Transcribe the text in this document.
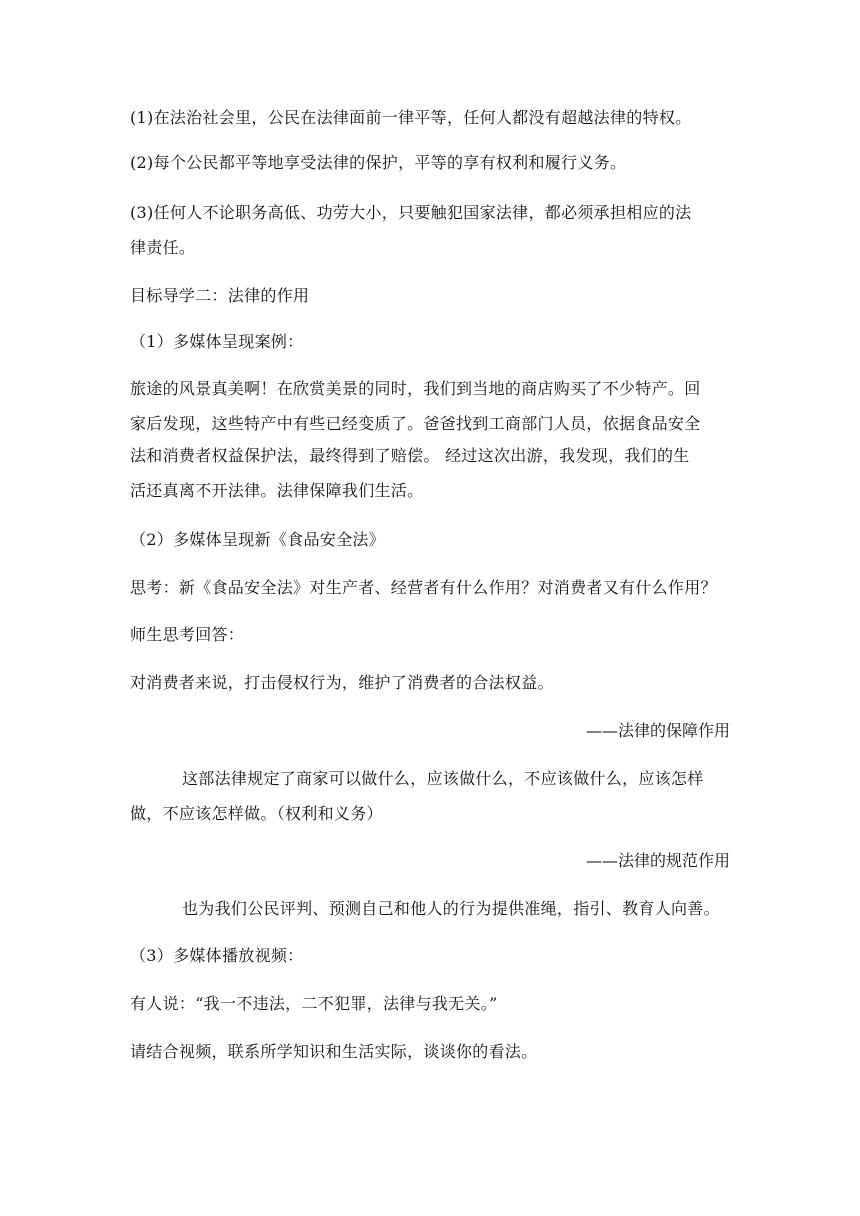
(1)在法治社会里，公民在法律面前一律平等，任何人都没有超越法律的特权。
(2)每个公民都平等地享受法律的保护，平等的享有权利和履行义务。
(3)任何人不论职务高低、功劳大小，只要触犯国家法律，都必须承担相应的法
律责任。
目标导学二：法律的作用
（1）多媒体呈现案例：
旅途的风景真美啊！在欣赏美景的同时，我们到当地的商店购买了不少特产。回
家后发现，这些特产中有些已经变质了。爸爸找到工商部门人员，依据食品安全
法和消费者权益保护法，最终得到了赔偿。 经过这次出游，我发现，我们的生
活还真离不开法律。法律保障我们生活。
（2）多媒体呈现新《食品安全法》
思考：新《食品安全法》对生产者、经营者有什么作用？对消费者又有什么作用？
师生思考回答：
对消费者来说，打击侵权行为，维护了消费者的合法权益。
——法律的保障作用
这部法律规定了商家可以做什么，应该做什么，不应该做什么，应该怎样
做，不应该怎样做。（权利和义务）
——法律的规范作用
也为我们公民评判、预测自己和他人的行为提供准绳，指引、教育人向善。
（3）多媒体播放视频：
有人说：“我一不违法，二不犯罪，法律与我无关。”
请结合视频，联系所学知识和生活实际，谈谈你的看法。
